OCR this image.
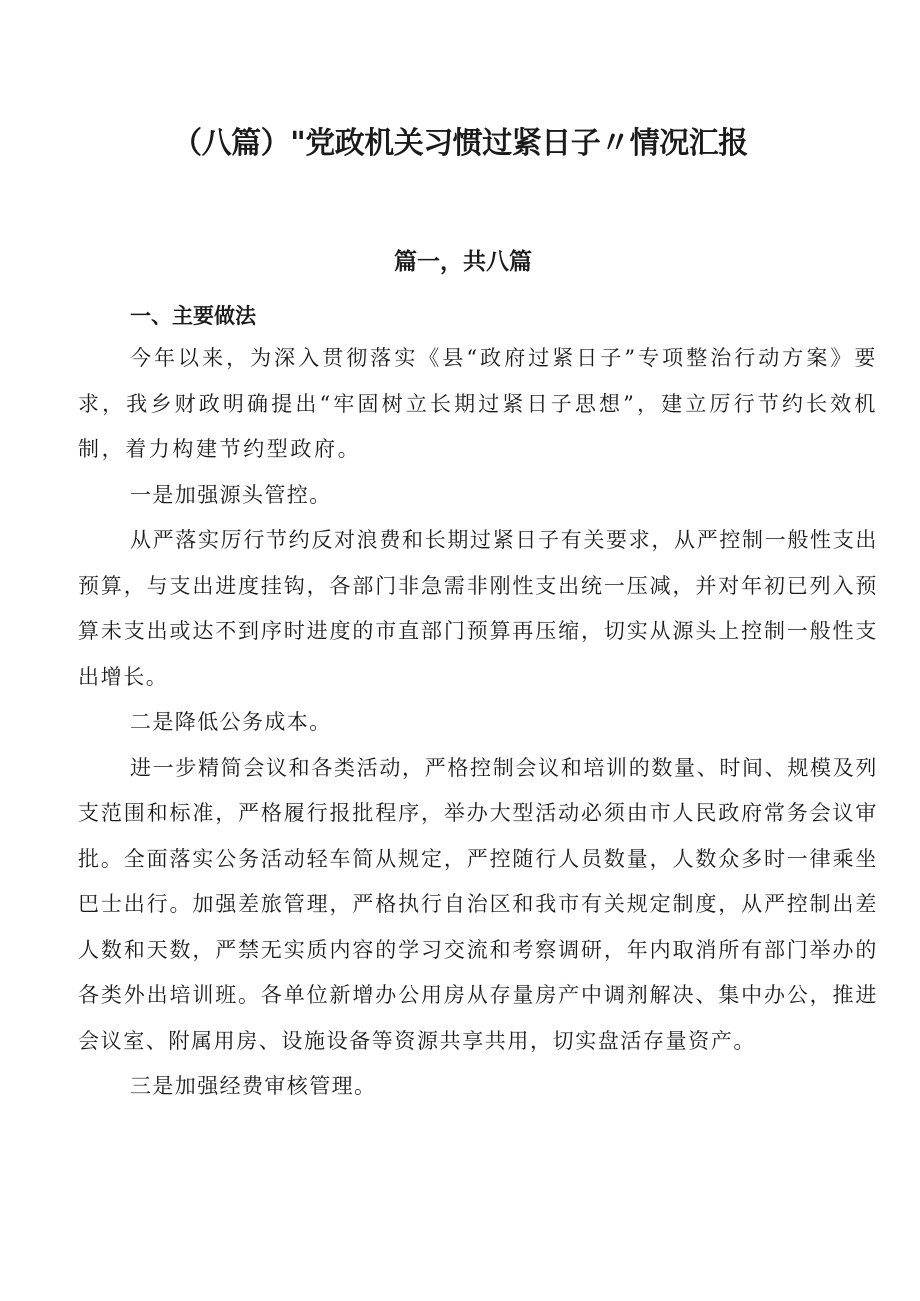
（八篇）"党政机关习惯过紧日子〃情况汇报
篇一，共八篇

一、主要做法

今年以来，为深入贯彻落实《县“政府过紧日子”专项整治行动方案》要求，我乡财政明确提出“牢固树立长期过紧日子思想”，建立厉行节约长效机制，着力构建节约型政府。

一是加强源头管控。

从严落实厉行节约反对浪费和长期过紧日子有关要求，从严控制一般性支出预算，与支出进度挂钩，各部门非急需非刚性支出统一压减，并对年初已列入预算未支出或达不到序时进度的市直部门预算再压缩，切实从源头上控制一般性支出增长。

二是降低公务成本。

进一步精简会议和各类活动，严格控制会议和培训的数量、时间、规模及列支范围和标准，严格履行报批程序，举办大型活动必须由市人民政府常务会议审批。全面落实公务活动轻车简从规定，严控随行人员数量，人数众多时一律乘坐巴士出行。加强差旅管理，严格执行自治区和我市有关规定制度，从严控制出差人数和天数，严禁无实质内容的学习交流和考察调研，年内取消所有部门举办的各类外出培训班。各单位新增办公用房从存量房产中调剂解决、集中办公，推进会议室、附属用房、设施设备等资源共享共用，切实盘活存量资产。

三是加强经费审核管理。
